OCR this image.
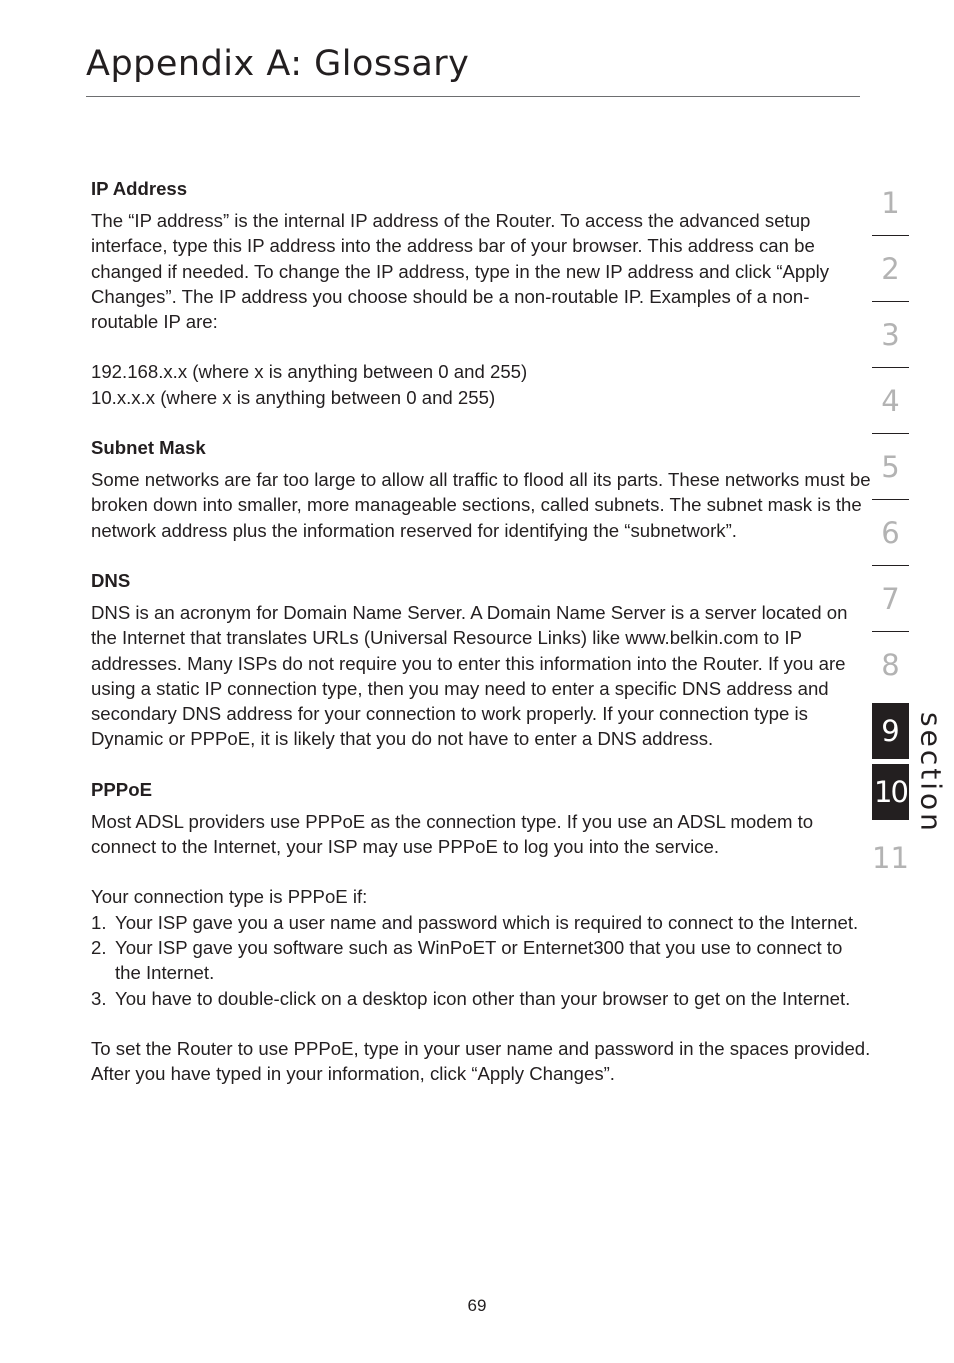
Appendix A: Glossary
IP Address

The “IP address” is the internal IP address of the Router. To access the advanced setup interface, type this IP address into the address bar of your browser. This address can be changed if needed. To change the IP address, type in the new IP address and click “Apply Changes”. The IP address you choose should be a non-routable IP. Examples of a non-routable IP are:

192.168.x.x (where x is anything between 0 and 255)

10.x.x.x (where x is anything between 0 and 255)

Subnet Mask

Some networks are far too large to allow all traffic to flood all its parts. These networks must be broken down into smaller, more manageable sections, called subnets. The subnet mask is the network address plus the information reserved for identifying the “subnetwork”.

DNS

DNS is an acronym for Domain Name Server. A Domain Name Server is a server located on the Internet that translates URLs (Universal Resource Links) like www.belkin.com to IP addresses. Many ISPs do not require you to enter this information into the Router. If you are using a static IP connection type, then you may need to enter a specific DNS address and secondary DNS address for your connection to work properly. If your connection type is Dynamic or PPPoE, it is likely that you do not have to enter a DNS address.

PPPoE

Most ADSL providers use PPPoE as the connection type. If you use an ADSL modem to connect to the Internet, your ISP may use PPPoE to log you into the service.

Your connection type is PPPoE if:

1. Your ISP gave you a user name and password which is required to connect to the Internet.
2. Your ISP gave you software such as WinPoET or Enternet300 that you use to connect to the Internet.
3. You have to double-click on a desktop icon other than your browser to get on the Internet.

To set the Router to use PPPoE, type in your user name and password in the spaces provided. After you have typed in your information, click “Apply Changes”.

1
2
3
4
5
6
7
8
9
10
11
section
69
